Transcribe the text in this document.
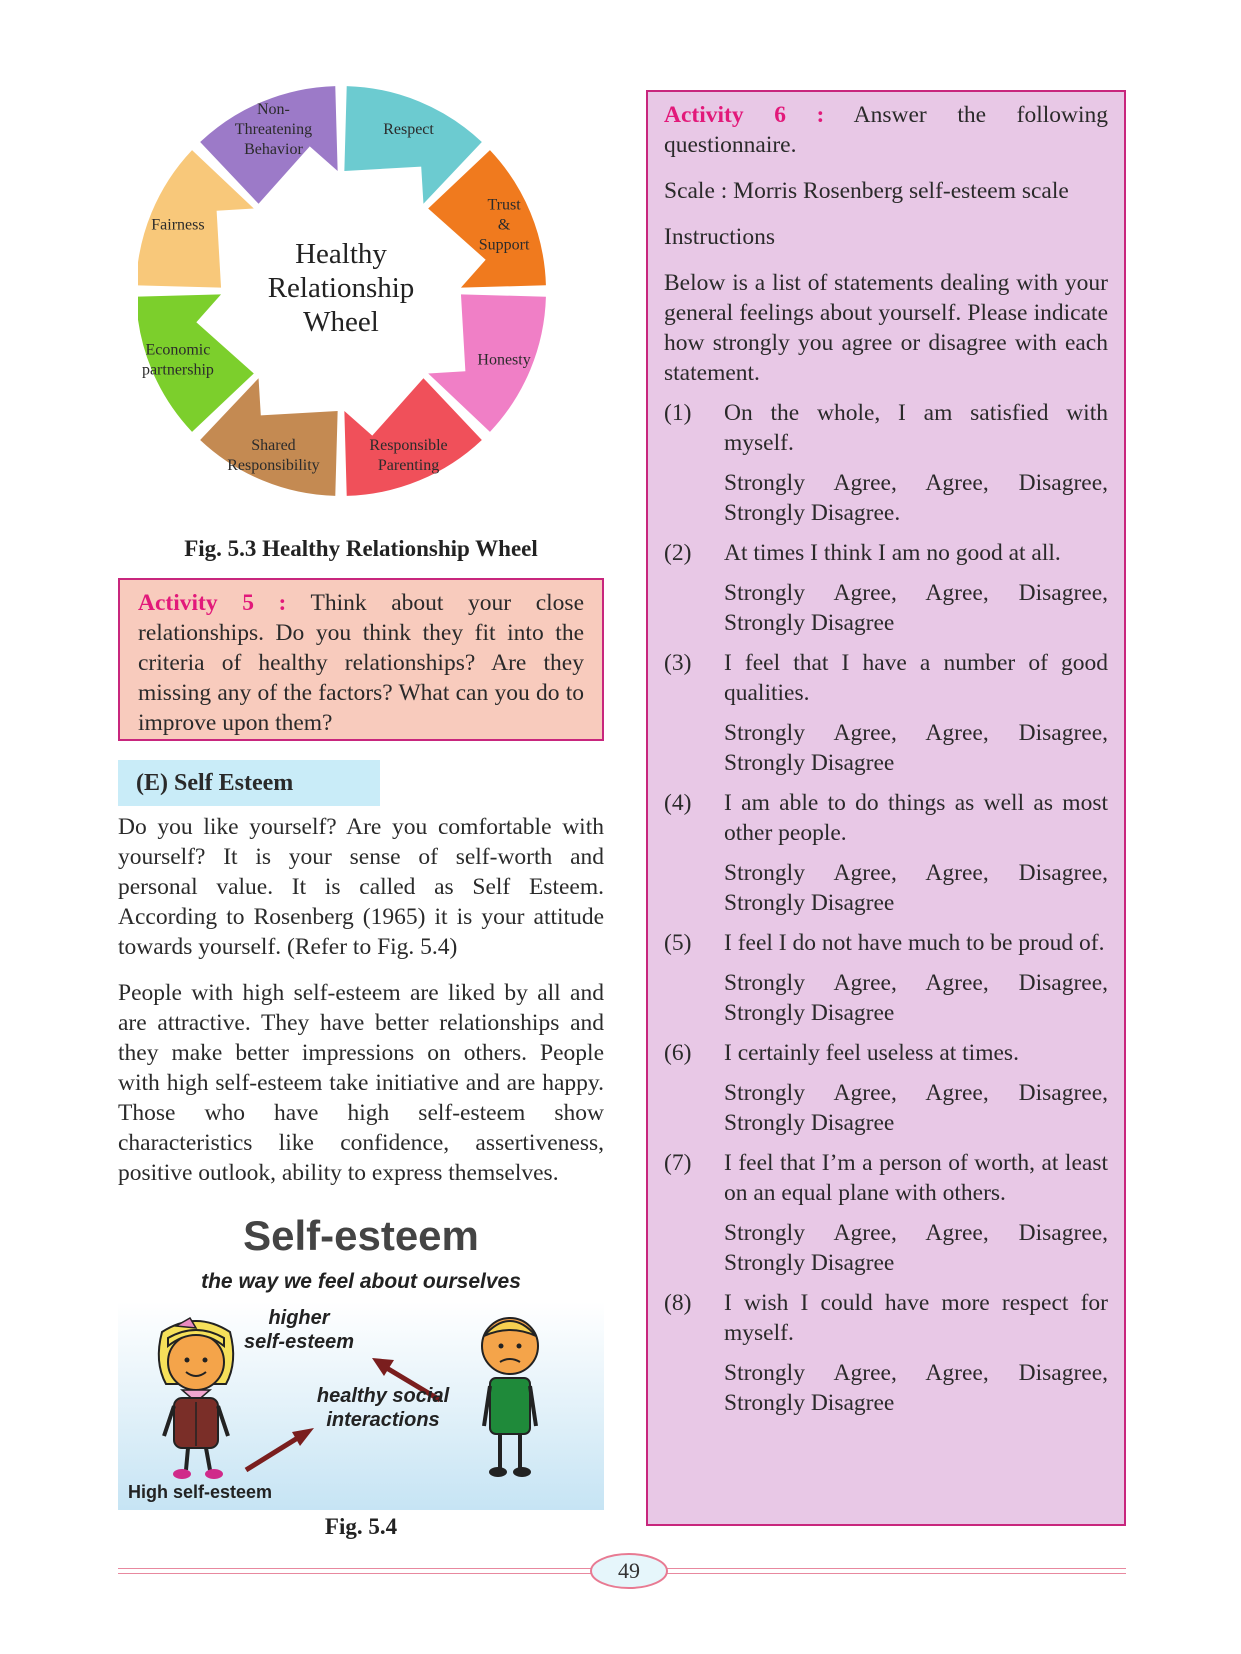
Respect
Trust & Support
Honesty
Responsible Parenting
Shared Responsibility
Economic partnership
Fairness
Non-Threatening Behavior
Healthy Relationship Wheel
Fig. 5.3 Healthy Relationship Wheel
Activity 5 : Think about your close relationships. Do you think they fit into the criteria of healthy relationships? Are they missing any of the factors? What can you do to improve upon them?
(E) Self Esteem

Do you like yourself? Are you comfortable with yourself? It is your sense of self-worth and personal value. It is called as Self Esteem. According to Rosenberg (1965) it is your attitude towards yourself. (Refer to Fig. 5.4)

People with high self-esteem are liked by all and are attractive. They have better relationships and they make better impressions on others. People with high self-esteem take initiative and are happy. Those who have high self-esteem show characteristics like confidence, assertiveness, positive outlook, ability to express themselves.

Self-esteem
the way we feel about ourselves
higher
self-esteem
healthy social
interactions
High self-esteem
Fig. 5.4

Activity 6 : Answer the following questionnaire.

Scale : Morris Rosenberg self-esteem scale

Instructions

Below is a list of statements dealing with your general feelings about yourself. Please indicate how strongly you agree or disagree with each statement.

(1) On the whole, I am satisfied with myself.
Strongly Agree, Agree, Disagree,
Strongly Disagree.
(2) At times I think I am no good at all.
Strongly Agree, Agree, Disagree,
Strongly Disagree
(3) I feel that I have a number of good qualities.
Strongly Agree, Agree, Disagree,
Strongly Disagree
(4) I am able to do things as well as most other people.
Strongly Agree, Agree, Disagree,
Strongly Disagree
(5) I feel I do not have much to be proud of.
Strongly Agree, Agree, Disagree,
Strongly Disagree
(6) I certainly feel useless at times.
Strongly Agree, Agree, Disagree,
Strongly Disagree
(7) I feel that I’m a person of worth, at least on an equal plane with others.
Strongly Agree, Agree, Disagree,
Strongly Disagree
(8) I wish I could have more respect for myself.
Strongly Agree, Agree, Disagree,
Strongly Disagree
49
